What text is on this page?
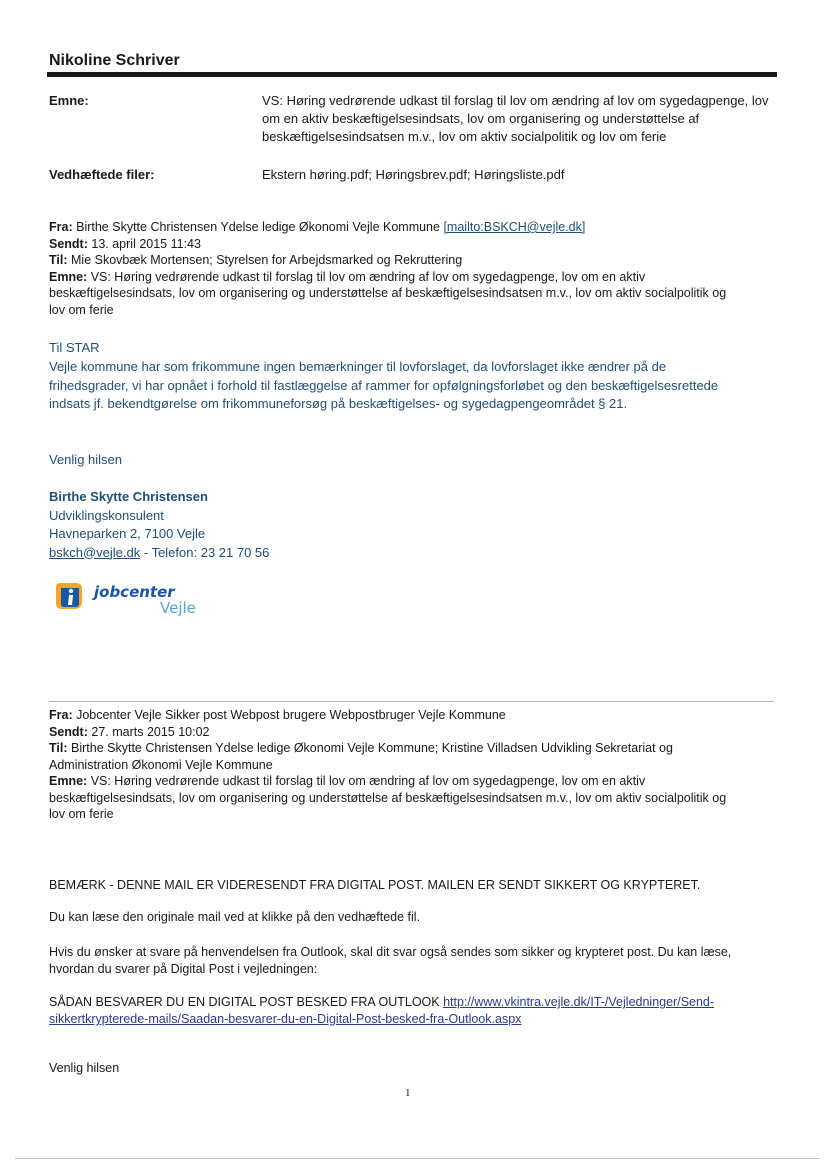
Nikoline Schriver
Emne:	VS: Høring vedrørende udkast til forslag til lov om ændring af lov om sygedagpenge, lov om en aktiv beskæftigelsesindsats, lov om organisering og understøttelse af beskæftigelsesindsatsen m.v., lov om aktiv socialpolitik og lov om ferie
Vedhæftede filer:	Ekstern høring.pdf; Høringsbrev.pdf; Høringsliste.pdf
Fra: Birthe Skytte Christensen Ydelse ledige Økonomi Vejle Kommune [mailto:BSKCH@vejle.dk]
Sendt: 13. april 2015 11:43
Til: Mie Skovbæk Mortensen; Styrelsen for Arbejdsmarked og Rekruttering
Emne: VS: Høring vedrørende udkast til forslag til lov om ændring af lov om sygedagpenge, lov om en aktiv beskæftigelsesindsats, lov om organisering og understøttelse af beskæftigelsesindsatsen m.v., lov om aktiv socialpolitik og lov om ferie
Til STAR
Vejle kommune har som frikommune ingen bemærkninger til lovforslaget, da lovforslaget ikke ændrer på de frihedsgrader, vi har opnået i forhold til fastlæggelse af rammer for opfølgningsforløbet og den beskæftigelsesrettede indsats jf. bekendtgørelse om frikommuneforsøg på beskæftigelses- og sygedagpengeområdet § 21.
Venlig hilsen
Birthe Skytte Christensen
Udviklingskonsulent
Havneparken 2, 7100 Vejle
bskch@vejle.dk - Telefon: 23 21 70 56
jobcenter
Vejle
Fra: Jobcenter Vejle Sikker post Webpost brugere Webpostbruger Vejle Kommune
Sendt: 27. marts 2015 10:02
Til: Birthe Skytte Christensen Ydelse ledige Økonomi Vejle Kommune; Kristine Villadsen Udvikling Sekretariat og Administration Økonomi Vejle Kommune
Emne: VS: Høring vedrørende udkast til forslag til lov om ændring af lov om sygedagpenge, lov om en aktiv beskæftigelsesindsats, lov om organisering og understøttelse af beskæftigelsesindsatsen m.v., lov om aktiv socialpolitik og lov om ferie
BEMÆRK - DENNE MAIL ER VIDERESENDT FRA DIGITAL POST. MAILEN ER SENDT SIKKERT OG KRYPTERET.
Du kan læse den originale mail ved at klikke på den vedhæftede fil.
Hvis du ønsker at svare på henvendelsen fra Outlook, skal dit svar også sendes som sikker og krypteret post. Du kan læse, hvordan du svarer på Digital Post i vejledningen:
SÅDAN BESVARER DU EN DIGITAL POST BESKED FRA OUTLOOK http://www.vkintra.vejle.dk/IT-/Vejledninger/Send-sikkertkrypterede-mails/Saadan-besvarer-du-en-Digital-Post-besked-fra-Outlook.aspx
Venlig hilsen
1
